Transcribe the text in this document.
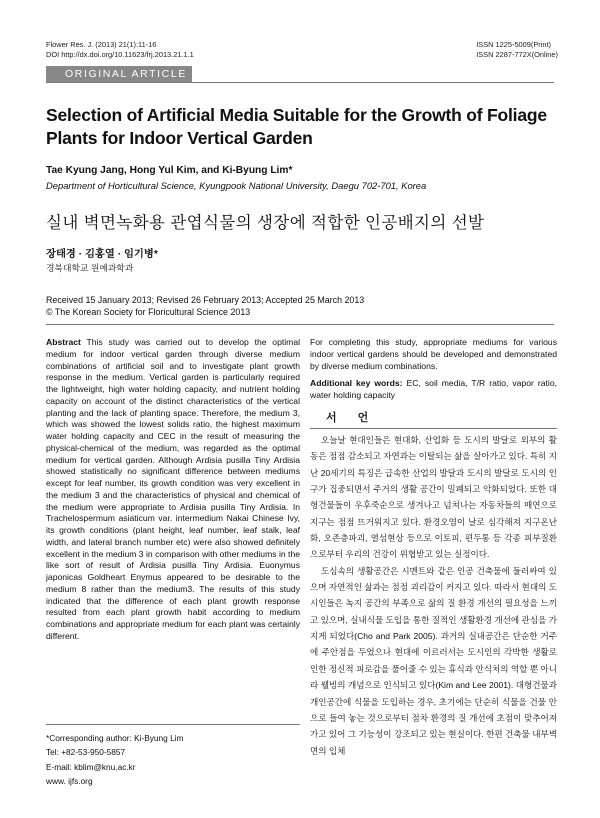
Flower Res. J. (2013) 21(1):11-16
DOI http://dx.doi.org/10.11623/frj.2013.21.1.1
ISSN 1225-5009(Print)
ISSN 2287-772X(Online)
ORIGINAL ARTICLE
Selection of Artificial Media Suitable for the Growth of Foliage Plants for Indoor Vertical Garden
Tae Kyung Jang, Hong Yul Kim, and Ki-Byung Lim*
Department of Horticultural Science, Kyungpook National University, Daegu 702-701, Korea
실내 벽면녹화용 관엽식물의 생장에 적합한 인공배지의 선발
장태경 · 김홍열 · 임기병*
경북대학교 원예과학과
Received 15 January 2013; Revised 26 February 2013; Accepted 25 March 2013
© The Korean Society for Floricultural Science 2013

Abstract This study was carried out to develop the optimal medium for indoor vertical garden through diverse medium combinations of artificial soil and to investigate plant growth response in the medium. Vertical garden is particularly required the lightweight, high water holding capacity, and nutrient holding capacity on account of the distinct characteristics of the vertical planting and the lack of planting space. Therefore, the medium 3, which was showed the lowest solids ratio, the highest maximum water holding capacity and CEC in the result of measuring the physical-chemical of the medium, was regarded as the optimal medium for vertical garden. Although Ardisia pusilla Tiny Ardisia showed statistically no significant difference between mediums except for leaf number, its growth condition was very excellent in the medium 3 and the characteristics of physical and chemical of the medium were appropriate to Ardisia pusilla Tiny Ardisia. In Trachelospermum asiaticum var. intermedium Nakai Chinese Ivy, its growth conditions (plant height, leaf number, leaf stalk, leaf width, and lateral branch number etc) were also showed definitely excellent in the medium 3 in comparison with other mediums in the like sort of result of Ardisia pusilla Tiny Ardisia. Euonymus japonicas Goldheart Enymus appeared to be desirable to the medium 8 rather than the medium3. The results of this study indicated that the difference of each plant growth response resulted from each plant growth habit according to medium combinations and appropriate medium for each plant was certainly different.

For completing this study, appropriate mediums for various indoor vertical gardens should be developed and demonstrated by diverse medium combinations.

Additional key words: EC, soil media, T/R ratio, vapor ratio, water holding capacity

서 언

오늘날 현대인들은 현대화, 산업화 등 도시의 발달로 외부의 활동은 점점 감소되고 자연과는 이탈되는 삶을 살아가고 있다. 특히 지난 20세기의 특징은 급속한 산업의 발달과 도시의 발달로 도시의 인구가 집중되면서 주거의 생활 공간이 밀폐되고 악화되었다. 또한 대형건물들이 우후죽순으로 생겨나고 넘쳐나는 자동차들의 매연으로 지구는 점점 뜨거워지고 있다. 환경오염이 날로 심각해져 지구온난화, 오존층파괴, 열섬현상 등으로 이토피, 편두통 등 각종 피부질환으로부터 우리의 건강이 위협받고 있는 실정이다.

도심속의 생활공간은 시멘트와 같은 인공 건축물에 둘러싸여 있으며 자연적인 삶과는 점점 괴리감이 커지고 있다. 따라서 현대의 도시인들은 녹지 공간의 부족으로 삶의 질 환경 개선의 필요성을 느끼고 있으며, 실내식물 도입을 통한 질적인 생활환경 개선에 관심을 가지게 되었다(Cho and Park 2005). 과거의 실내공간은 단순한 거주에 주안점을 두었으나 현대에 이르러서는 도시인의 각박한 생활로 인한 정신적 피로감을 풀어줄 수 있는 휴식과 안식처의 역할 뿐 아니라 웰빙의 개념으로 인식되고 있다(Kim and Lee 2001). 대형건물과 개인공간에 식물을 도입하는 경우, 초기에는 단순히 식물을 건물 안으로 들여 놓는 것으로부터 점차 환경의 질 개선에 초점이 맞추어져 가고 있어 그 기능성이 강조되고 있는 현실이다. 한편 건축물 내부벽면의 입체

*Corresponding author: Ki-Byung Lim
Tel: +82-53-950-5857
E-mail: kblim@knu.ac.kr
www. ijfs.org
